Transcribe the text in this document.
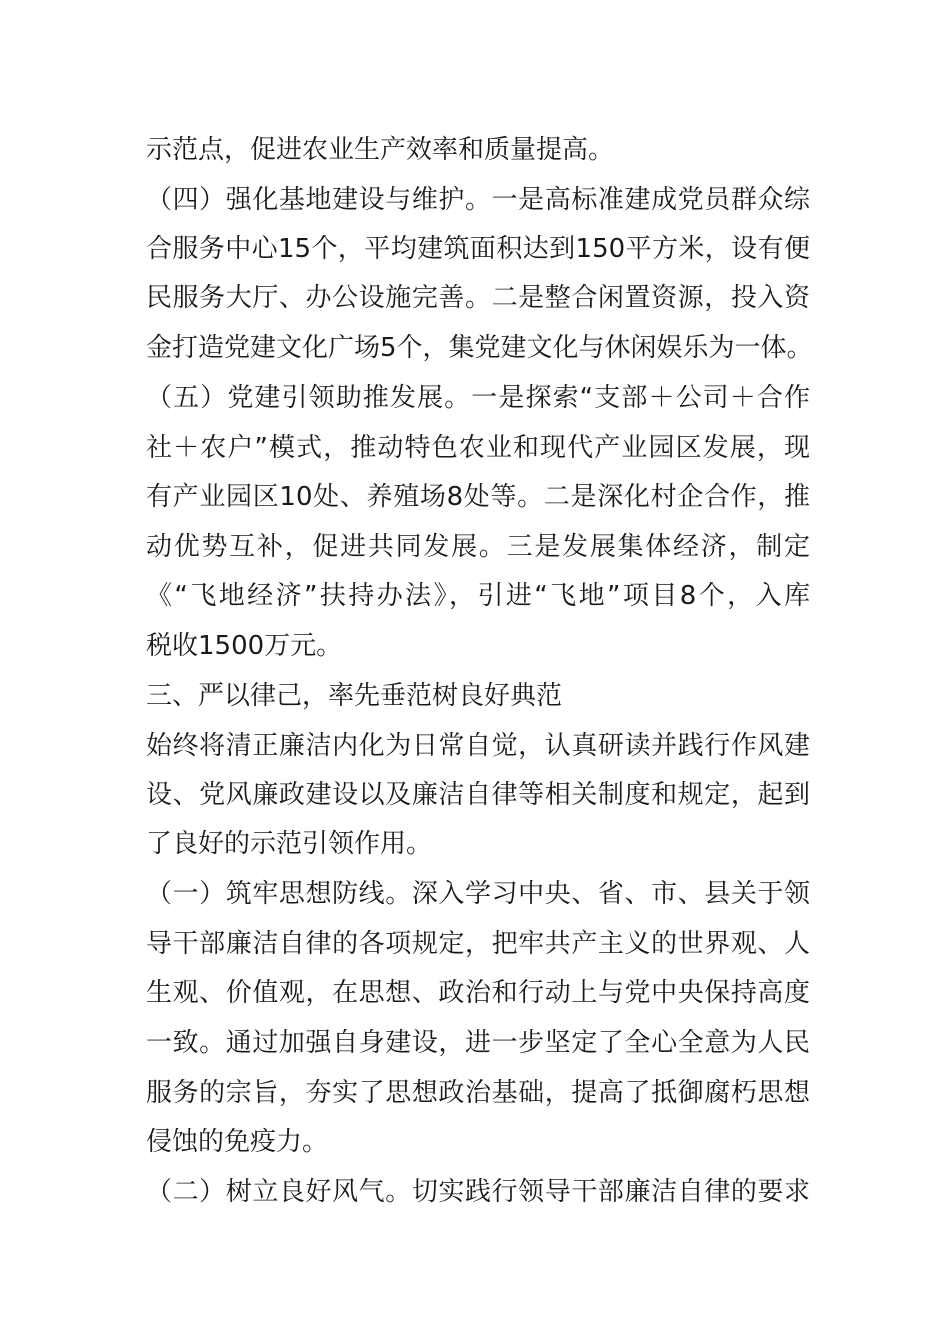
示范点，促进农业生产效率和质量提高。
（四）强化基地建设与维护。一是高标准建成党员群众综
合服务中心15个，平均建筑面积达到150平方米，设有便
民服务大厅、办公设施完善。二是整合闲置资源，投入资
金打造党建文化广场5个，集党建文化与休闲娱乐为一体。
（五）党建引领助推发展。一是探索“支部＋公司＋合作
社＋农户”模式，推动特色农业和现代产业园区发展，现
有产业园区10处、养殖场8处等。二是深化村企合作，推
动优势互补，促进共同发展。三是发展集体经济，制定
《“飞地经济”扶持办法》，引进“飞地”项目8个，入库
税收1500万元。
三、严以律己，率先垂范树良好典范
始终将清正廉洁内化为日常自觉，认真研读并践行作风建
设、党风廉政建设以及廉洁自律等相关制度和规定，起到
了良好的示范引领作用。
（一）筑牢思想防线。深入学习中央、省、市、县关于领
导干部廉洁自律的各项规定，把牢共产主义的世界观、人
生观、价值观，在思想、政治和行动上与党中央保持高度
一致。通过加强自身建设，进一步坚定了全心全意为人民
服务的宗旨，夯实了思想政治基础，提高了抵御腐朽思想
侵蚀的免疫力。
（二）树立良好风气。切实践行领导干部廉洁自律的要求
